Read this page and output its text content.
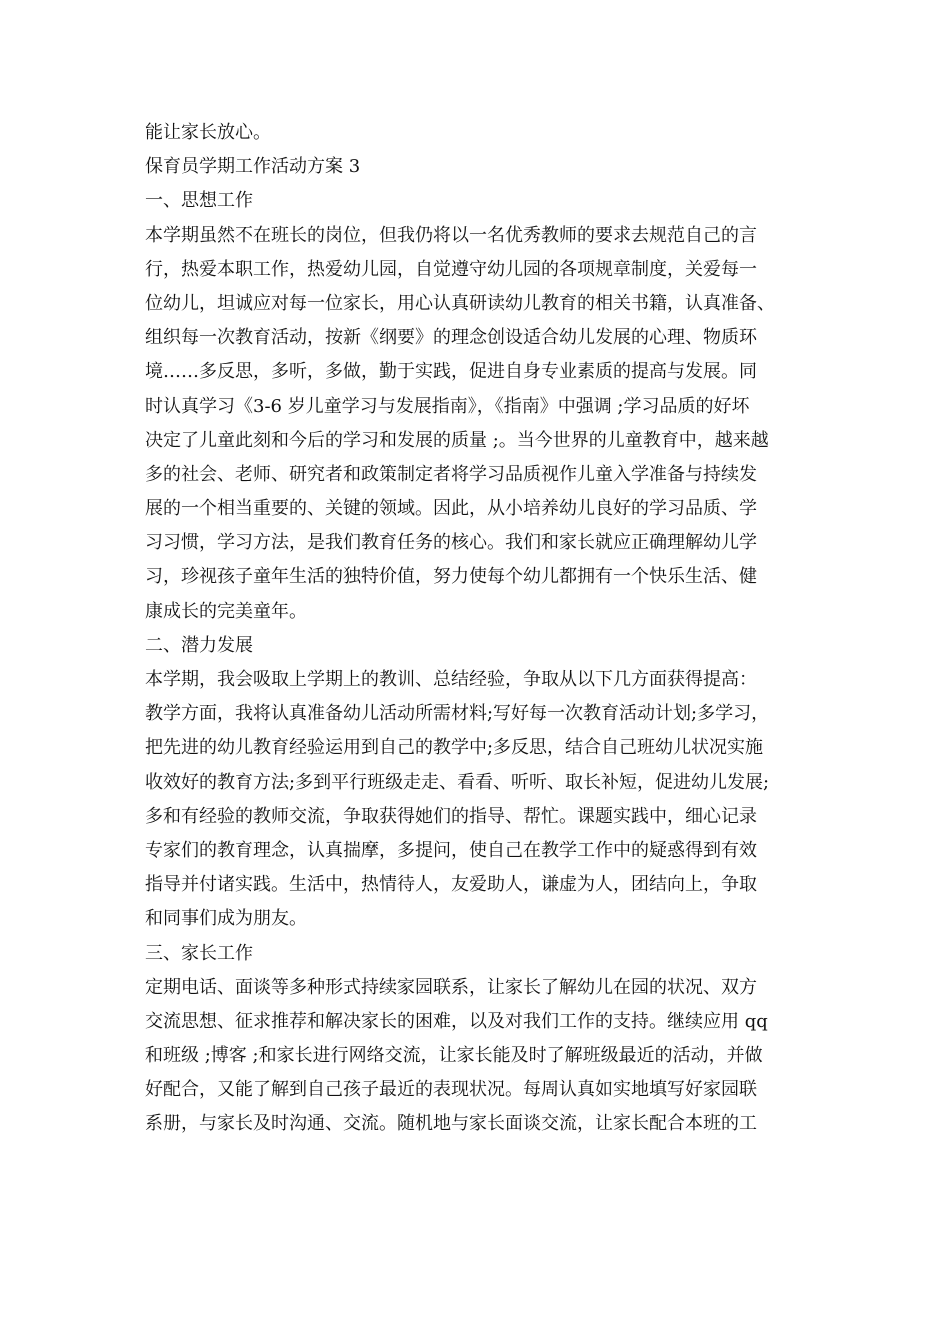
能让家长放心。
保育员学期工作活动方案 3
一、思想工作
本学期虽然不在班长的岗位，但我仍将以一名优秀教师的要求去规范自己的言
行，热爱本职工作，热爱幼儿园，自觉遵守幼儿园的各项规章制度，关爱每一
位幼儿，坦诚应对每一位家长，用心认真研读幼儿教育的相关书籍，认真准备、
组织每一次教育活动，按新《纲要》的理念创设适合幼儿发展的心理、物质环
境……多反思，多听，多做，勤于实践，促进自身专业素质的提高与发展。同
时认真学习《3-6 岁儿童学习与发展指南》，《指南》中强调 ;学习品质的好坏
决定了儿童此刻和今后的学习和发展的质量 ;。当今世界的儿童教育中，越来越
多的社会、老师、研究者和政策制定者将学习品质视作儿童入学准备与持续发
展的一个相当重要的、关键的领域。因此，从小培养幼儿良好的学习品质、学
习习惯，学习方法，是我们教育任务的核心。我们和家长就应正确理解幼儿学
习，珍视孩子童年生活的独特价值，努力使每个幼儿都拥有一个快乐生活、健
康成长的完美童年。
二、潜力发展
本学期，我会吸取上学期上的教训、总结经验，争取从以下几方面获得提高：
教学方面，我将认真准备幼儿活动所需材料;写好每一次教育活动计划;多学习，
把先进的幼儿教育经验运用到自己的教学中;多反思，结合自己班幼儿状况实施
收效好的教育方法;多到平行班级走走、看看、听听、取长补短，促进幼儿发展;
多和有经验的教师交流，争取获得她们的指导、帮忙。课题实践中，细心记录
专家们的教育理念，认真揣摩，多提问，使自己在教学工作中的疑惑得到有效
指导并付诸实践。生活中，热情待人，友爱助人，谦虚为人，团结向上，争取
和同事们成为朋友。
三、家长工作
定期电话、面谈等多种形式持续家园联系，让家长了解幼儿在园的状况、双方
交流思想、征求推荐和解决家长的困难，以及对我们工作的支持。继续应用 qq
和班级 ;博客 ;和家长进行网络交流，让家长能及时了解班级最近的活动，并做
好配合，又能了解到自己孩子最近的表现状况。每周认真如实地填写好家园联
系册，与家长及时沟通、交流。随机地与家长面谈交流，让家长配合本班的工
